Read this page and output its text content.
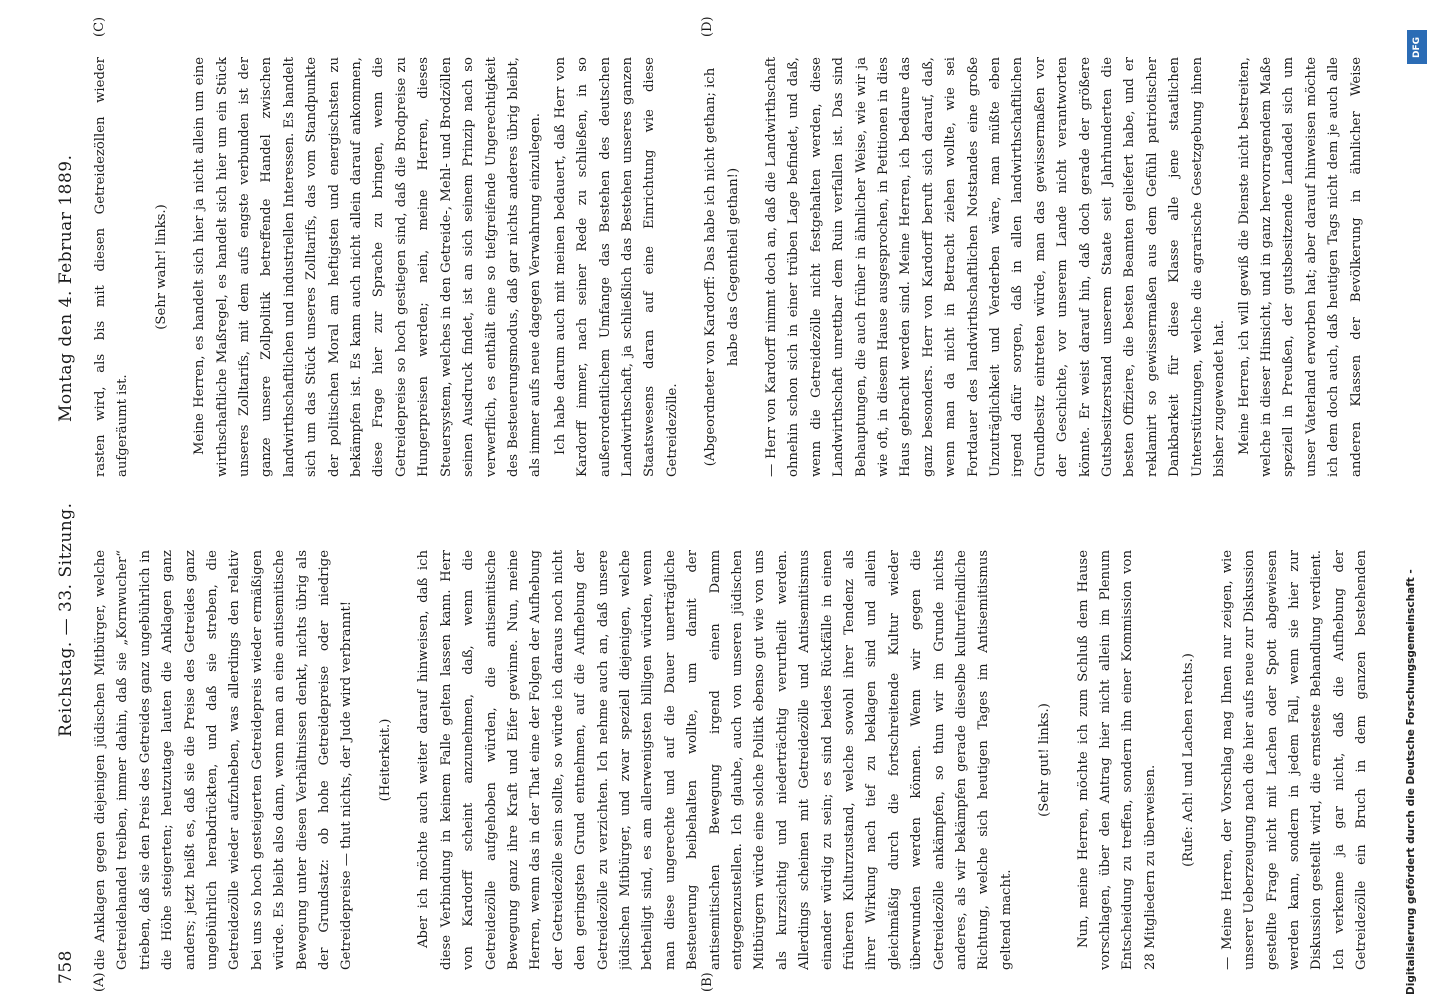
758
Reichstag. — 33. Sitzung.
Montag den 4. Februar 1889.
(A)	(B)
(C)	(D)

die Anklagen gegen diejenigen jüdischen Mitbürger, welche Getreidehandel treiben, immer dahin, daß sie „Kornwucher“ trieben, daß sie den Preis des Getreides ganz ungebührlich in die Höhe steigerten; heutzutage lauten die Anklagen ganz anders; jetzt heißt es, daß sie die Preise des Getreides ganz ungebührlich herabdrückten, und daß sie streben, die Getreidezölle wieder aufzuheben, was allerdings den relativ bei uns so hoch gesteigerten Getreidepreis wieder ermäßigen würde. Es bleibt also dann, wenn man an eine antisemitische Bewegung unter diesen Verhältnissen denkt, nichts übrig als der Grundsatz: ob hohe Getreidepreise oder niedrige Getreidepreise — thut nichts, der Jude wird verbrannt!	(Heiterkeit.)	Aber ich möchte auch weiter darauf hinweisen, daß ich diese Verbindung in keinem Falle gelten lassen kann. Herr von Kardorff scheint anzunehmen, daß, wenn die Getreidezölle aufgehoben würden, die antisemitische Bewegung ganz ihre Kraft und Eifer gewinne. Nun, meine Herren, wenn das in der That eine der Folgen der Aufhebung der Getreidezölle sein sollte, so würde ich daraus noch nicht den geringsten Grund entnehmen, auf die Aufhebung der Getreidezölle zu verzichten. Ich nehme auch an, daß unsere jüdischen Mitbürger, und zwar speziell diejenigen, welche betheiligt sind, es am allerwenigsten billigen würden, wenn man diese ungerechte und auf die Dauer unerträgliche Besteuerung beibehalten wollte, um damit der antisemitischen Bewegung irgend einen Damm entgegenzustellen. Ich glaube, auch von unseren jüdischen Mitbürgern würde eine solche Politik ebenso gut wie von uns als kurzsichtig und niederträchtig verurtheilt werden. Allerdings scheinen mit Getreidezölle und Antisemitismus einander würdig zu sein; es sind beides Rückfälle in einen früheren Kulturzustand, welche sowohl ihrer Tendenz als ihrer Wirkung nach tief zu beklagen sind und allein gleichmäßig durch die fortschreitende Kultur wieder überwunden werden können. Wenn wir gegen die Getreidezölle ankämpfen, so thun wir im Grunde nichts anderes, als wir bekämpfen gerade dieselbe kulturfeindliche Richtung, welche sich heutigen Tages im Antisemitismus geltend macht.

(Sehr gut! links.)	Nun, meine Herren, möchte ich zum Schluß dem Hause vorschlagen, über den Antrag hier nicht allein im Plenum Entscheidung zu treffen, sondern ihn einer Kommission von 28 Mitgliedern zu überweisen.

(Rufe: Ach! und Lachen rechts.)

— Meine Herren, der Vorschlag mag Ihnen nur zeigen, wie unserer Ueberzeugung nach die hier aufs neue zur Diskussion gestellte Frage nicht mit Lachen oder Spott abgewiesen werden kann, sondern in jedem Fall, wenn sie hier zur Diskussion gestellt wird, die ernsteste Behandlung verdient. Ich verkenne ja gar nicht, daß die Aufhebung der Getreidezölle ein Bruch in dem ganzen bestehenden

rasten wird, als bis mit diesen Getreidezöllen wieder aufgeräumt ist.

(Sehr wahr! links.)	Meine Herren, es handelt sich hier ja nicht allein um eine wirthschaftliche Maßregel, es handelt sich hier um ein Stück unseres Zolltarifs, mit dem aufs engste verbunden ist der ganze unsere Zollpolitik betreffende Handel zwischen landwirthschaftlichen und industriellen Interessen. Es handelt sich um das Stück unseres Zolltarifs, das vom Standpunkte der politischen Moral am heftigsten und energischsten zu bekämpfen ist. Es kann auch nicht allein darauf ankommen, diese Frage hier zur Sprache zu bringen, wenn die Getreidepreise so hoch gestiegen sind, daß die Brodpreise zu Hungerpreisen werden; nein, meine Herren, dieses Steuersystem, welches in den Getreide-, Mehl- und Brodzöllen seinen Ausdruck findet, ist an sich seinem Prinzip nach so verwerflich, es enthält eine so tiefgreifende Ungerechtigkeit des Besteuerungsmodus, daß gar nichts anderes übrig bleibt, als immer aufs neue dagegen Verwahrung einzulegen. Ich habe darum auch mit meinen bedauert, daß Herr von Kardorff immer, nach seiner Rede zu schließen, in so außerordentlichem Umfange das Bestehen des deutschen Landwirthschaft, ja schließlich das Bestehen unseres ganzen Staatswesens daran auf eine Einrichtung wie diese Getreidezölle.	(Abgeordneter von Kardorff: Das habe ich nicht gethan; ich habe das Gegentheil gethan!)	— Herr von Kardorff nimmt doch an, daß die Landwirthschaft ohnehin schon sich in einer trüben Lage befindet, und daß, wenn die Getreidezölle nicht festgehalten werden, diese Landwirthschaft unrettbar dem Ruin verfallen ist. Das sind Behauptungen, die auch früher in ähnlicher Weise, wie wir ja wie oft, in diesem Hause ausgesprochen, in Petitionen in dies Haus gebracht werden sind. Meine Herren, ich bedaure das ganz besonders. Herr von Kardorff beruft sich darauf, daß, wenn man da nicht in Betracht ziehen wollte, wie sei Fortdauer des landwirthschaftlichen Notstandes eine große Unzuträglichkeit und Verderben wäre, man müßte eben irgend dafür sorgen, daß in allen landwirthschaftlichen Grundbesitz eintreten würde, man das gewissermaßen vor der Geschichte, vor unserem Lande nicht verantworten könnte. Er weist darauf hin, daß doch gerade der größere Gutsbesitzerstand unserem Staate seit Jahrhunderten die besten Offiziere, die besten Beamten geliefert habe, und er reklamirt so gewissermaßen aus dem Gefühl patriotischer Dankbarkeit für diese Klasse alle jene staatlichen Unterstützungen, welche die agrarische Gesetzgebung ihnen bisher zugewendet hat. Meine Herren, ich will gewiß die Dienste nicht bestreiten, welche in dieser Hinsicht, und in ganz hervorragendem Maße speziell in Preußen, der gutsbesitzende Landadel sich um unser Vaterland erworben hat; aber darauf hinweisen möchte ich dem doch auch, daß heutigen Tags nicht dem je auch alle anderen Klassen der Bevölkerung in ähnlicher Weise

Digitalisierung gefördert durch die Deutsche Forschungsgemeinschaft -
DFG
